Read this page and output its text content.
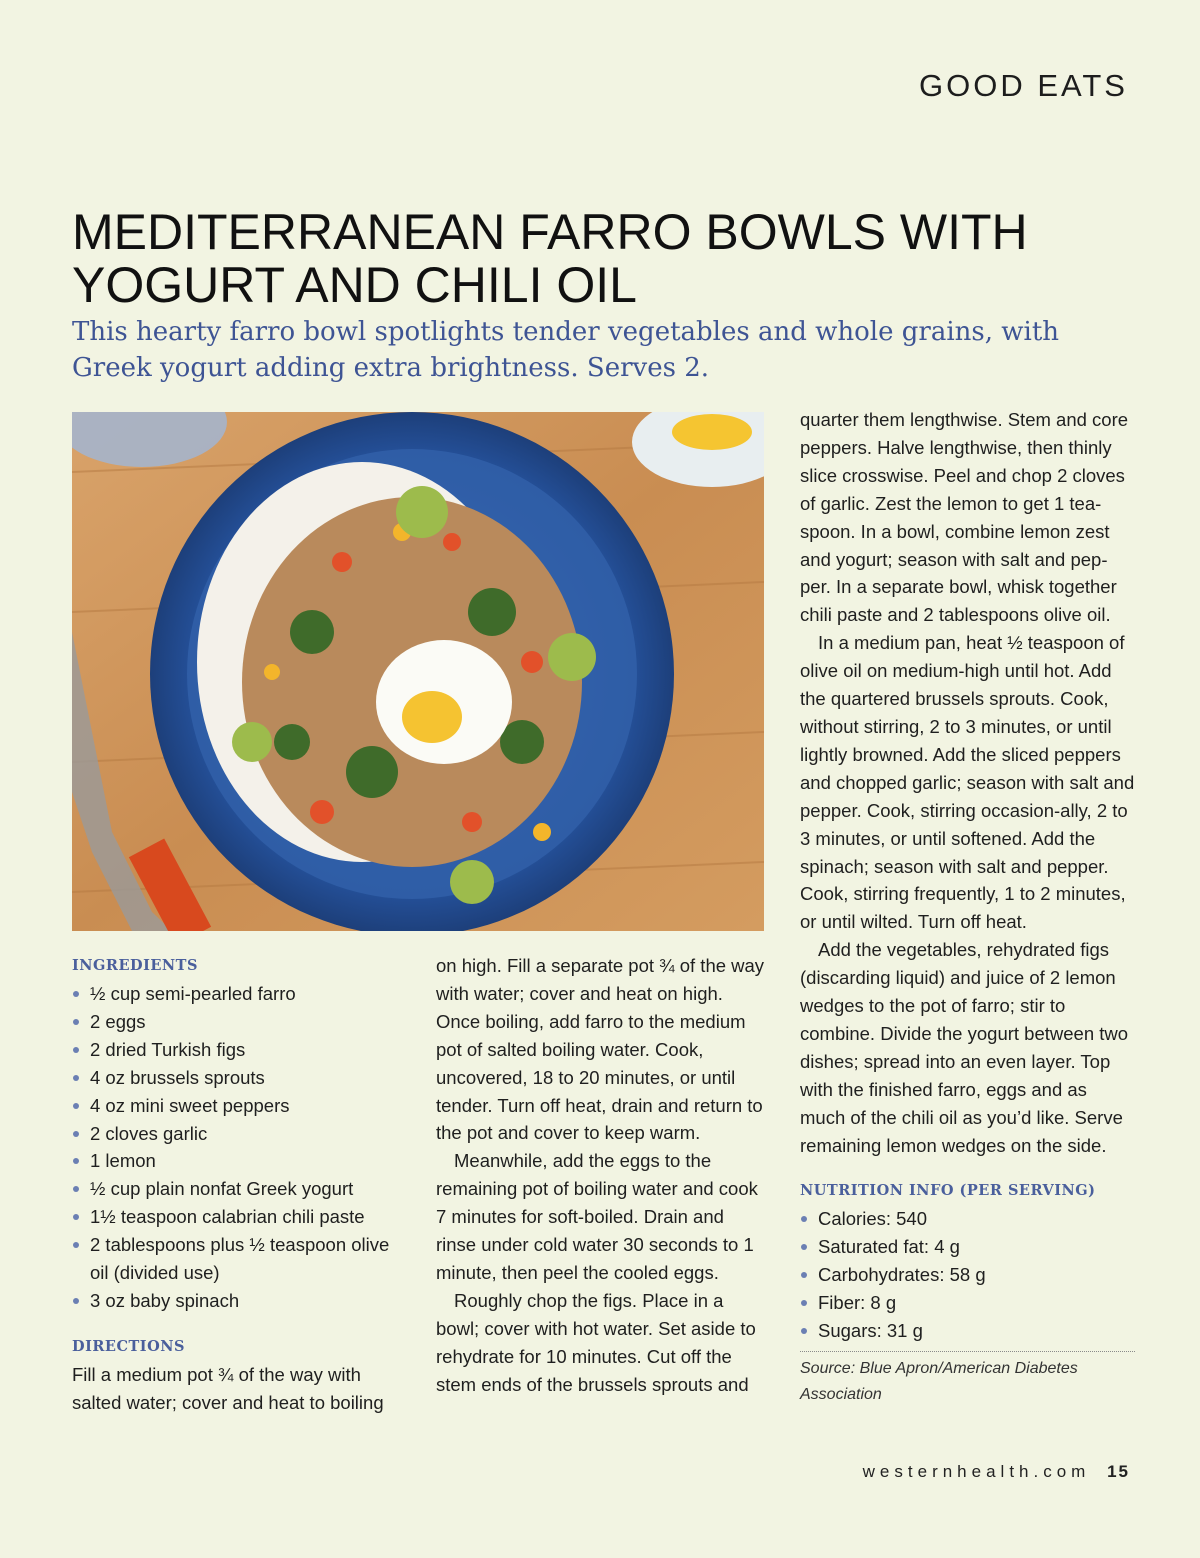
GOOD EATS
MEDITERRANEAN FARRO BOWLS WITH YOGURT AND CHILI OIL
This hearty farro bowl spotlights tender vegetables and whole grains, with Greek yogurt adding extra brightness. Serves 2.
INGREDIENTS
½ cup semi-pearled farro
2 eggs
2 dried Turkish figs
4 oz brussels sprouts
4 oz mini sweet peppers
2 cloves garlic
1 lemon
½ cup plain nonfat Greek yogurt
1½ teaspoon calabrian chili paste
2 tablespoons plus ½ teaspoon olive oil (divided use)
3 oz baby spinach
DIRECTIONS

Fill a medium pot ¾ of the way with salted water; cover and heat to boiling

on high. Fill a separate pot ¾ of the way with water; cover and heat on high. Once boiling, add farro to the medium pot of salted boiling water. Cook, uncovered, 18 to 20 minutes, or until tender. Turn off heat, drain and return to the pot and cover to keep warm.

Meanwhile, add the eggs to the remaining pot of boiling water and cook 7 minutes for soft-boiled. Drain and rinse under cold water 30 seconds to 1 minute, then peel the cooled eggs.

Roughly chop the figs. Place in a bowl; cover with hot water. Set aside to rehydrate for 10 minutes. Cut off the stem ends of the brussels sprouts and

quarter them lengthwise. Stem and core peppers. Halve lengthwise, then thinly slice crosswise. Peel and chop 2 cloves of garlic. Zest the lemon to get 1 tea-spoon. In a bowl, combine lemon zest and yogurt; season with salt and pep-per. In a separate bowl, whisk together chili paste and 2 tablespoons olive oil.

In a medium pan, heat ½ teaspoon of olive oil on medium-high until hot. Add the quartered brussels sprouts. Cook, without stirring, 2 to 3 minutes, or until lightly browned. Add the sliced peppers and chopped garlic; season with salt and pepper. Cook, stirring occasion-ally, 2 to 3 minutes, or until softened. Add the spinach; season with salt and pepper. Cook, stirring frequently, 1 to 2 minutes, or until wilted. Turn off heat.

Add the vegetables, rehydrated figs (discarding liquid) and juice of 2 lemon wedges to the pot of farro; stir to combine. Divide the yogurt between two dishes; spread into an even layer. Top with the finished farro, eggs and as much of the chili oil as you’d like. Serve remaining lemon wedges on the side.

NUTRITION INFO (PER SERVING)
Calories: 540
Saturated fat: 4 g
Carbohydrates: 58 g
Fiber: 8 g
Sugars: 31 g
Source: Blue Apron/American Diabetes Association
westernhealth.com 15
